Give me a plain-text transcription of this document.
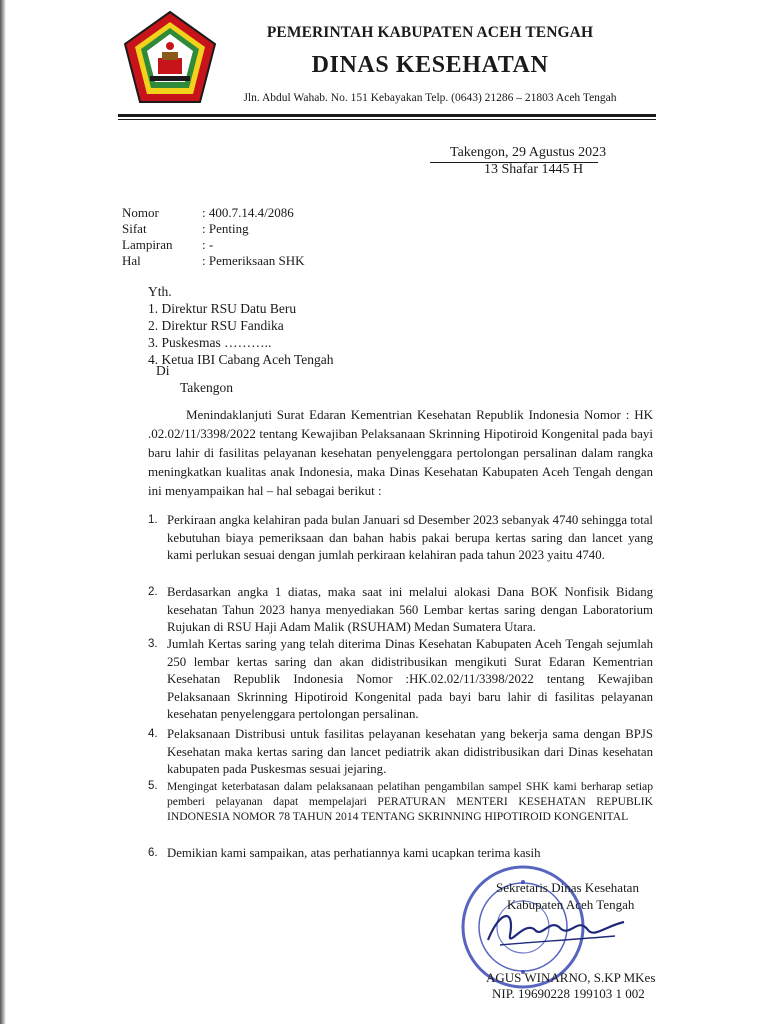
PEMERINTAH KABUPATEN ACEH TENGAH
DINAS KESEHATAN
Jln. Abdul Wahab. No. 151 Kebayakan Telp. (0643) 21286 – 21803 Aceh Tengah
Takengon, 29 Agustus 2023
13 Shafar 1445 H
Nomor	: 400.7.14.4/2086
Sifat	: Penting
Lampiran : -
Hal	: Pemeriksaan SHK
Yth.
1. Direktur RSU Datu Beru
2. Direktur RSU Fandika
3. Puskesmas ………..
4. Ketua IBI Cabang Aceh Tengah
Di
Takengon
Menindaklanjuti Surat Edaran Kementrian Kesehatan Republik Indonesia Nomor : HK .02.02/11/3398/2022 tentang Kewajiban Pelaksanaan Skrinning Hipotiroid Kongenital pada bayi baru lahir di fasilitas pelayanan kesehatan penyelenggara pertolongan persalinan dalam rangka meningkatkan kualitas anak Indonesia, maka Dinas Kesehatan Kabupaten Aceh Tengah dengan ini menyampaikan hal – hal sebagai berikut :
1. Perkiraan angka kelahiran pada bulan Januari sd Desember 2023 sebanyak 4740 sehingga total kebutuhan biaya pemeriksaan dan bahan habis pakai berupa kertas saring dan lancet yang kami perlukan sesuai dengan jumlah perkiraan kelahiran pada tahun 2023 yaitu 4740.
2. Berdasarkan angka 1 diatas, maka saat ini melalui alokasi Dana BOK Nonfisik Bidang kesehatan Tahun 2023 hanya menyediakan 560 Lembar kertas saring dengan Laboratorium Rujukan di RSU Haji Adam Malik (RSUHAM) Medan Sumatera Utara.
3. Jumlah Kertas saring yang telah diterima Dinas Kesehatan Kabupaten Aceh Tengah sejumlah 250 lembar kertas saring dan akan didistribusikan mengikuti Surat Edaran Kementrian Kesehatan Republik Indonesia Nomor :HK.02.02/11/3398/2022 tentang Kewajiban Pelaksanaan Skrinning Hipotiroid Kongenital pada bayi baru lahir di fasilitas pelayanan kesehatan penyelenggara pertolongan persalinan.
4. Pelaksanaan Distribusi untuk fasilitas pelayanan kesehatan yang bekerja sama dengan BPJS Kesehatan maka kertas saring dan lancet pediatrik akan didistribusikan dari Dinas kesehatan kabupaten pada Puskesmas sesuai jejaring.
5. Mengingat keterbatasan dalam pelaksanaan pelatihan pengambilan sampel SHK kami berharap setiap pemberi pelayanan dapat mempelajari PERATURAN MENTERI KESEHATAN REPUBLIK INDONESIA NOMOR 78 TAHUN 2014 TENTANG SKRINNING HIPOTIROID KONGENITAL
6. Demikian kami sampaikan, atas perhatiannya kami ucapkan terima kasih
Sekretaris Dinas Kesehatan
Kabupaten Aceh Tengah
AGUS WINARNO, S.KP MKes
NIP. 19690228 199103 1 002
